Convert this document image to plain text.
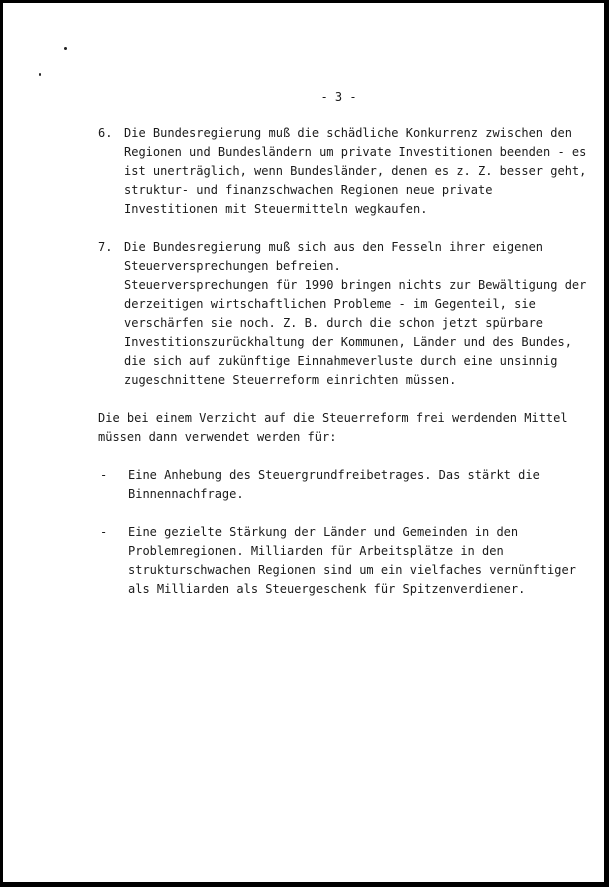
- 3 -
6. Die Bundesregierung muß die schädliche Konkurrenz zwischen den
Regionen und Bundesländern um private Investitionen beenden - es
ist unerträglich, wenn Bundesländer, denen es z. Z. besser geht,
struktur- und finanzschwachen Regionen neue private
Investitionen mit Steuermitteln wegkaufen.
7. Die Bundesregierung muß sich aus den Fesseln ihrer eigenen
Steuerversprechungen befreien.
Steuerversprechungen für 1990 bringen nichts zur Bewältigung der
derzeitigen wirtschaftlichen Probleme - im Gegenteil, sie
verschärfen sie noch. Z. B. durch die schon jetzt spürbare
Investitionszurückhaltung der Kommunen, Länder und des Bundes,
die sich auf zukünftige Einnahmeverluste durch eine unsinnig
zugeschnittene Steuerreform einrichten müssen.
Die bei einem Verzicht auf die Steuerreform frei werdenden Mittel
müssen dann verwendet werden für:
- Eine Anhebung des Steuergrundfreibetrages. Das stärkt die
Binnennachfrage.
- Eine gezielte Stärkung der Länder und Gemeinden in den
Problemregionen. Milliarden für Arbeitsplätze in den
strukturschwachen Regionen sind um ein vielfaches vernünftiger
als Milliarden als Steuergeschenk für Spitzenverdiener.
